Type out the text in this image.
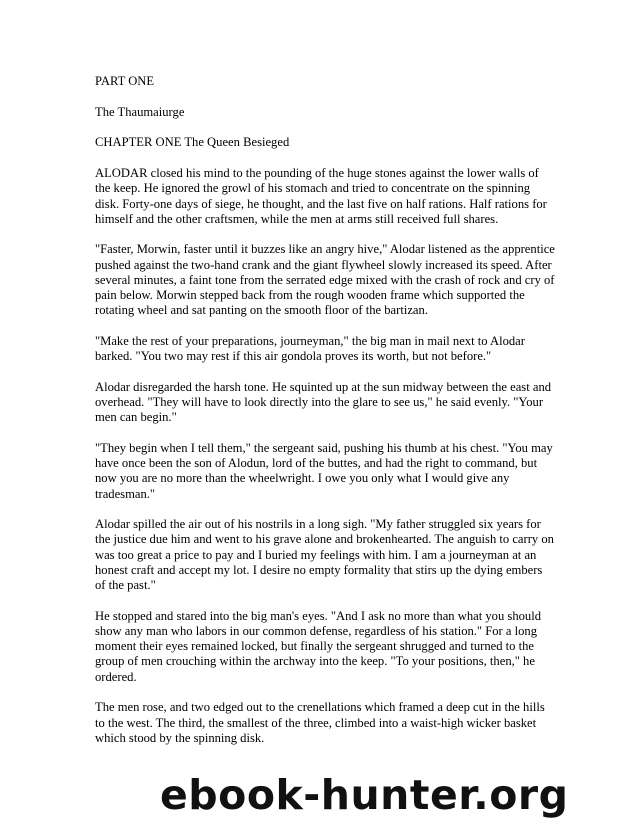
PART ONE

The Thaumaiurge

CHAPTER ONE The Queen Besieged

ALODAR closed his mind to the pounding of the huge stones against the lower walls of the keep. He ignored the growl of his stomach and tried to concentrate on the spinning disk. Forty-one days of siege, he thought, and the last five on half rations. Half rations for himself and the other craftsmen, while the men at arms still received full shares.

"Faster, Morwin, faster until it buzzes like an angry hive," Alodar listened as the apprentice pushed against the two-hand crank and the giant flywheel slowly increased its speed. After several minutes, a faint tone from the serrated edge mixed with the crash of rock and cry of pain below. Morwin stepped back from the rough wooden frame which supported the rotating wheel and sat panting on the smooth floor of the bartizan.

"Make the rest of your preparations, journeyman," the big man in mail next to Alodar barked. "You two may rest if this air gondola proves its worth, but not before."

Alodar disregarded the harsh tone. He squinted up at the sun midway between the east and overhead. "They will have to look directly into the glare to see us," he said evenly. "Your men can begin."

"They begin when I tell them," the sergeant said, pushing his thumb at his chest. "You may have once been the son of Alodun, lord of the buttes, and had the right to command, but now you are no more than the wheelwright. I owe you only what I would give any tradesman."

Alodar spilled the air out of his nostrils in a long sigh. "My father struggled six years for the justice due him and went to his grave alone and brokenhearted. The anguish to carry on was too great a price to pay and I buried my feelings with him. I am a journeyman at an honest craft and accept my lot. I desire no empty formality that stirs up the dying embers of the past."

He stopped and stared into the big man's eyes. "And I ask no more than what you should show any man who labors in our common defense, regardless of his station." For a long moment their eyes remained locked, but finally the sergeant shrugged and turned to the group of men crouching within the archway into the keep. "To your positions, then," he ordered.

The men rose, and two edged out to the crenellations which framed a deep cut in the hills to the west. The third, the smallest of the three, climbed into a waist-high wicker basket which stood by the spinning disk.

ebook-hunter.org
